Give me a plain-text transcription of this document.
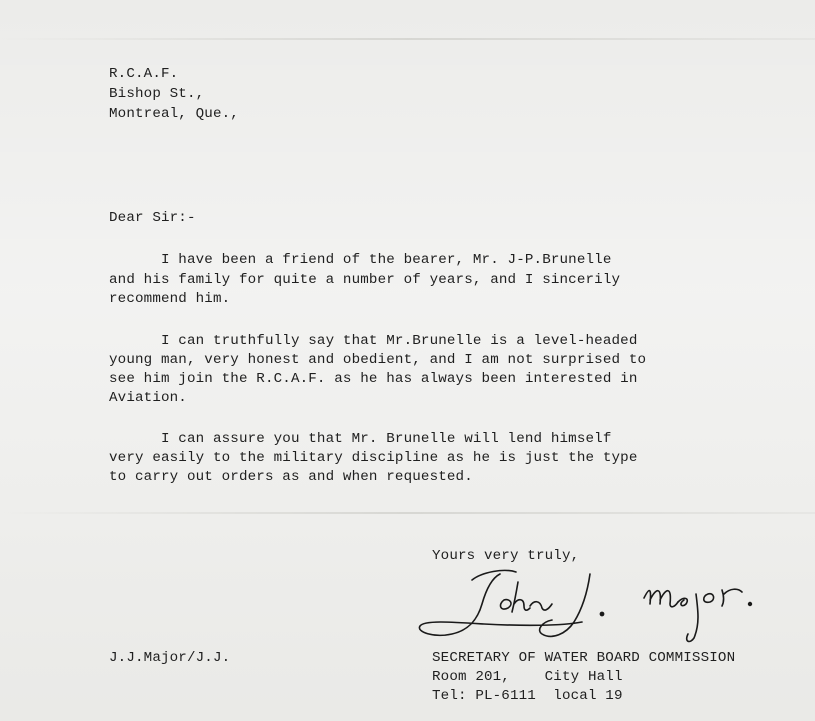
R.C.A.F.
Bishop St.,
Montreal, Que.,
Dear Sir:-
I have been a friend of the bearer, Mr. J-P.Brunelle
and his family for quite a number of years, and I sincerily
recommend him.
I can truthfully say that Mr.Brunelle is a level-headed
young man, very honest and obedient, and I am not surprised to
see him join the R.C.A.F. as he has always been interested in
Aviation.
I can assure you that Mr. Brunelle will lend himself
very easily to the military discipline as he is just the type
to carry out orders as and when requested.
Yours very truly,
J.J.Major/J.J.	SECRETARY OF WATER BOARD COMMISSION
Room 201,    City Hall
Tel: PL-6111  local 19
